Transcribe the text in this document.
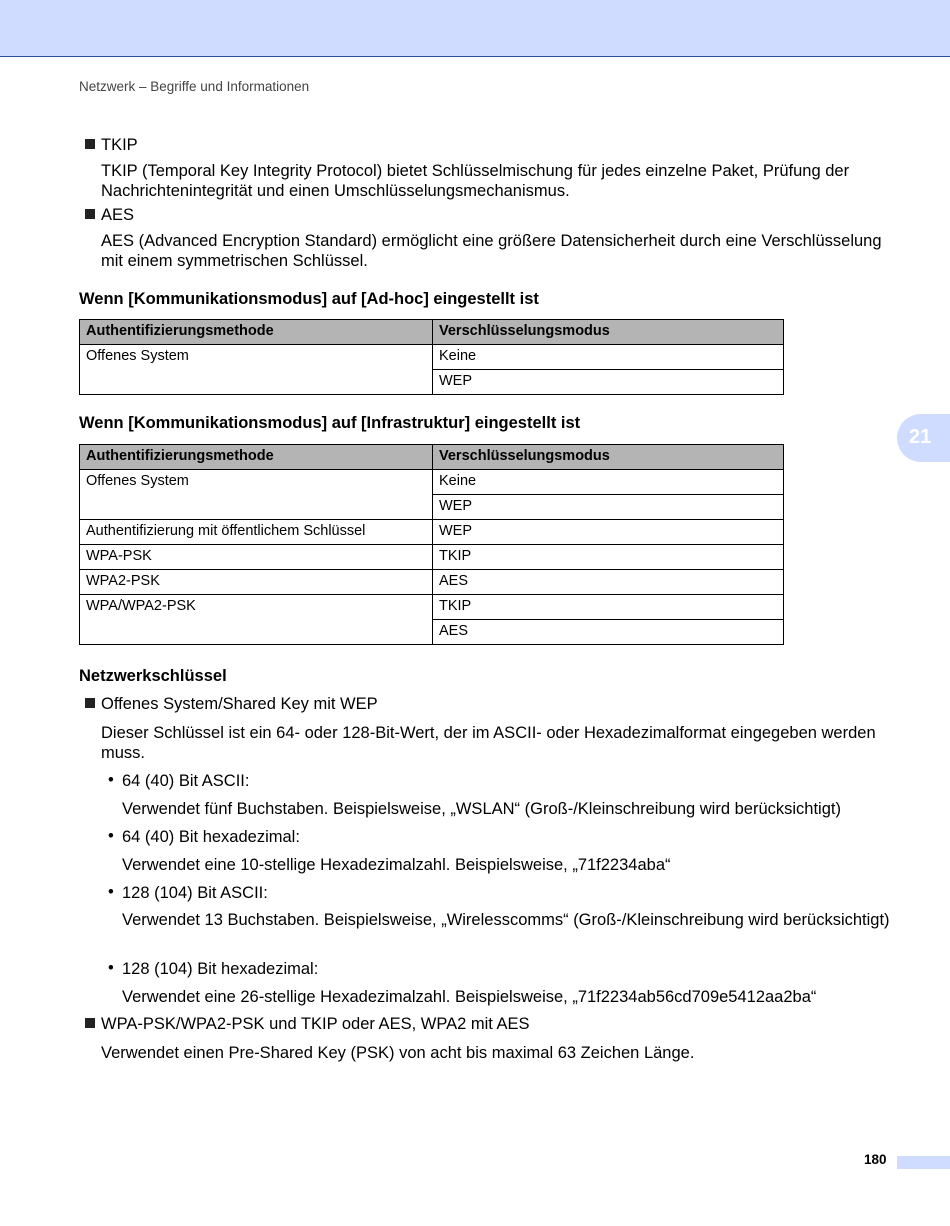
Netzwerk – Begriffe und Informationen
21
TKIP
TKIP (Temporal Key Integrity Protocol) bietet Schlüsselmischung für jedes einzelne Paket, Prüfung der Nachrichtenintegrität und einen Umschlüsselungsmechanismus.
AES
AES (Advanced Encryption Standard) ermöglicht eine größere Datensicherheit durch eine Verschlüsselung mit einem symmetrischen Schlüssel.
Wenn [Kommunikationsmodus] auf [Ad-hoc] eingestellt ist
Authentifizierungsmethode	Verschlüsselungsmodus
Offenes System	Keine
	WEP
Wenn [Kommunikationsmodus] auf [Infrastruktur] eingestellt ist
Authentifizierungsmethode	Verschlüsselungsmodus
Offenes System	Keine
	WEP
Authentifizierung mit öffentlichem Schlüssel	WEP
WPA-PSK	TKIP
WPA2-PSK	AES
WPA/WPA2-PSK	TKIP
	AES
Netzwerkschlüssel
Offenes System/Shared Key mit WEP
Dieser Schlüssel ist ein 64- oder 128-Bit-Wert, der im ASCII- oder Hexadezimalformat eingegeben werden muss.
• 64 (40) Bit ASCII:
Verwendet fünf Buchstaben. Beispielsweise, „WSLAN“ (Groß-/Kleinschreibung wird berücksichtigt)
• 64 (40) Bit hexadezimal:
Verwendet eine 10-stellige Hexadezimalzahl. Beispielsweise, „71f2234aba“
• 128 (104) Bit ASCII:
Verwendet 13 Buchstaben. Beispielsweise, „Wirelesscomms“ (Groß-/Kleinschreibung wird berücksichtigt)
• 128 (104) Bit hexadezimal:
Verwendet eine 26-stellige Hexadezimalzahl. Beispielsweise, „71f2234ab56cd709e5412aa2ba“
WPA-PSK/WPA2-PSK und TKIP oder AES, WPA2 mit AES
Verwendet einen Pre-Shared Key (PSK) von acht bis maximal 63 Zeichen Länge.
180
